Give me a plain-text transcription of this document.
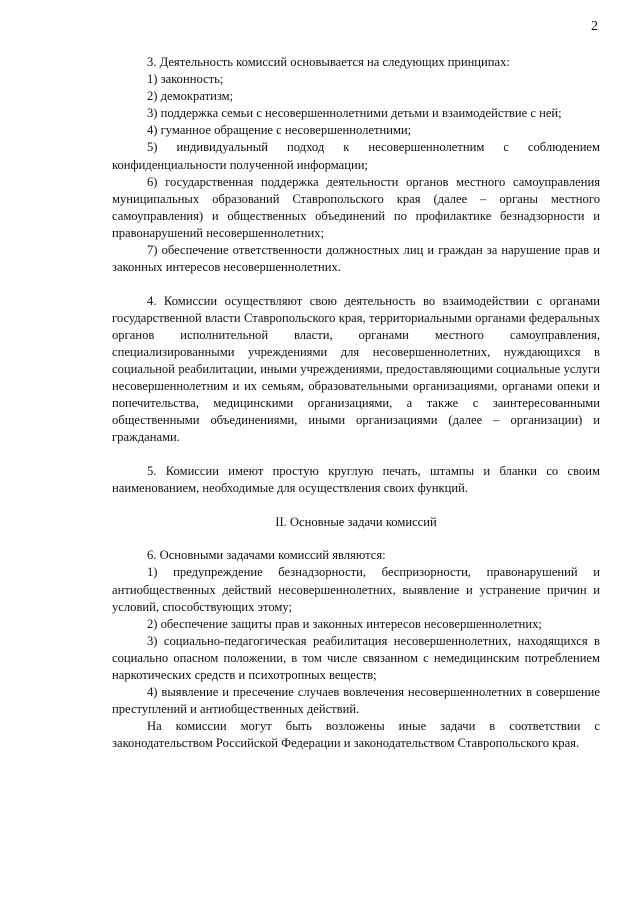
2

3. Деятельность комиссий основывается на следующих принципах:

1) законность;

2) демократизм;

3) поддержка семьи с несовершеннолетними детьми и взаимодействие с ней;

4) гуманное обращение с несовершеннолетними;

5) индивидуальный подход к несовершеннолетним с соблюдением конфиденциальности полученной информации;

6) государственная поддержка деятельности органов местного самоуправления муниципальных образований Ставропольского края (далее – органы местного самоуправления) и общественных объединений по профилактике безнадзорности и правонарушений несовершеннолетних;

7) обеспечение ответственности должностных лиц и граждан за нарушение прав и законных интересов несовершеннолетних.

4. Комиссии осуществляют свою деятельность во взаимодействии с органами государственной власти Ставропольского края, территориальными органами федеральных органов исполнительной власти, органами местного самоуправления, специализированными учреждениями для несовершеннолетних, нуждающихся в социальной реабилитации, иными учреждениями, предоставляющими социальные услуги несовершеннолетним и их семьям, образовательными организациями, органами опеки и попечительства, медицинскими организациями, а также с заинтересованными общественными объединениями, иными организациями (далее – организации) и гражданами.

5. Комиссии имеют простую круглую печать, штампы и бланки со своим наименованием, необходимые для осуществления своих функций.

II. Основные задачи комиссий

6. Основными задачами комиссий являются:

1) предупреждение безнадзорности, беспризорности, правонарушений и антиобщественных действий несовершеннолетних, выявление и устранение причин и условий, способствующих этому;

2) обеспечение защиты прав и законных интересов несовершеннолетних;

3) социально-педагогическая реабилитация несовершеннолетних, находящихся в социально опасном положении, в том числе связанном с немедицинским потреблением наркотических средств и психотропных веществ;

4) выявление и пресечение случаев вовлечения несовершеннолетних в совершение преступлений и антиобщественных действий.

На комиссии могут быть возложены иные задачи в соответствии с законодательством Российской Федерации и законодательством Ставропольского края.
